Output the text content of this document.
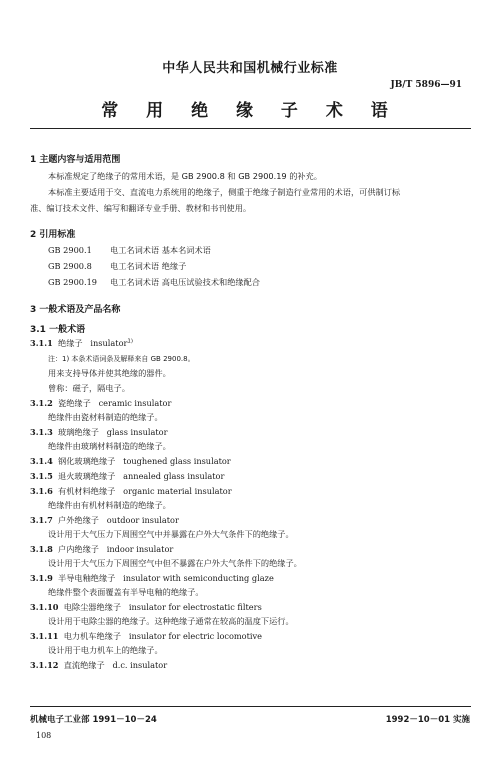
中华人民共和国机械行业标准
JB/T 5896—91
常 用 绝 缘 子 术 语
1 主题内容与适用范围
本标准规定了绝缘子的常用术语，是 GB 2900.8 和 GB 2900.19 的补充。
本标准主要适用于交、直流电力系统用的绝缘子，侧重于绝缘子制造行业常用的术语，可供制订标
准、编订技术文件、编写和翻译专业手册、教材和书刊使用。
2 引用标准
GB 2900.1 电工名词术语 基本名词术语
GB 2900.8 电工名词术语 绝缘子
GB 2900.19 电工名词术语 高电压试验技术和绝缘配合
3 一般术语及产品名称
3.1 一般术语
3.1.1 绝缘子 insulator$^{1)}$
注：1) 本条术语词条及解释来自 GB 2900.8。
用来支持导体并使其绝缘的器件。
曾称：磁子，隔电子。
3.1.2 瓷绝缘子 ceramic insulator
绝缘件由瓷材料制造的绝缘子。
3.1.3 玻璃绝缘子 glass insulator
绝缘件由玻璃材料制造的绝缘子。
3.1.4 钢化玻璃绝缘子 toughened glass insulator
3.1.5 退火玻璃绝缘子 annealed glass insulator
3.1.6 有机材料绝缘子 organic material insulator
绝缘件由有机材料制造的绝缘子。
3.1.7 户外绝缘子 outdoor insulator
设计用于大气压力下周围空气中并暴露在户外大气条件下的绝缘子。
3.1.8 户内绝缘子 indoor insulator
设计用于大气压力下周围空气中但不暴露在户外大气条件下的绝缘子。
3.1.9 半导电釉绝缘子 insulator with semiconducting glaze
绝缘件整个表面覆盖有半导电釉的绝缘子。
3.1.10 电除尘器绝缘子 insulator for electrostatic filters
设计用于电除尘器的绝缘子。这种绝缘子通常在较高的温度下运行。
3.1.11 电力机车绝缘子 insulator for electric locomotive
设计用于电力机车上的绝缘子。
3.1.12 直流绝缘子 d.c. insulator
机械电子工业部 1991－10－24	1992－10－01 实施
108
